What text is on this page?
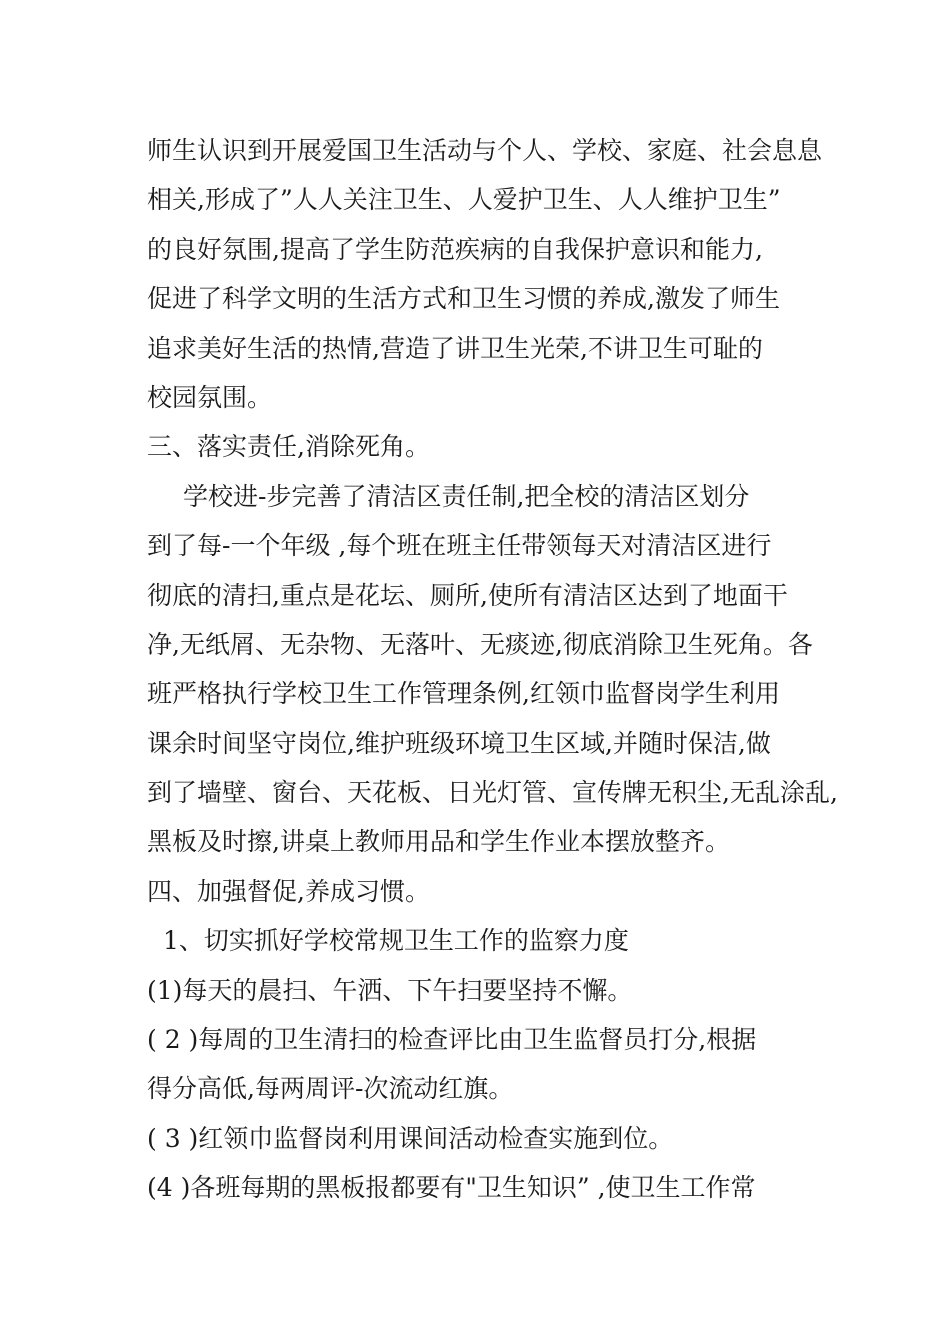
师生认识到开展爱国卫生活动与个人、学校、家庭、社会息息
相关,形成了”人人关注卫生、人爱护卫生、人人维护卫生”
的良好氛围,提高了学生防范疾病的自我保护意识和能力,
促进了科学文明的生活方式和卫生习惯的养成,激发了师生
追求美好生活的热情,营造了讲卫生光荣,不讲卫生可耻的
校园氛围。
三、落实责任,消除死角。
学校进-步完善了清洁区责任制,把全校的清洁区划分
到了每-一个年级 ,每个班在班主任带领每天对清洁区进行
彻底的清扫,重点是花坛、厕所,使所有清洁区达到了地面干
净,无纸屑、无杂物、无落叶、无痰迹,彻底消除卫生死角。各
班严格执行学校卫生工作管理条例,红领巾监督岗学生利用
课余时间坚守岗位,维护班级环境卫生区域,并随时保洁,做
到了墙壁、窗台、天花板、日光灯管、宣传牌无积尘,无乱涂乱,
黑板及时擦,讲桌上教师用品和学生作业本摆放整齐。
四、加强督促,养成习惯。
1、切实抓好学校常规卫生工作的监察力度
(1)每天的晨扫、午洒、下午扫要坚持不懈。
( 2 )每周的卫生清扫的检查评比由卫生监督员打分,根据
得分高低,每两周评-次流动红旗。
( 3 )红领巾监督岗利用课间活动检查实施到位。
(4 )各班每期的黑板报都要有"卫生知识” ,使卫生工作常
